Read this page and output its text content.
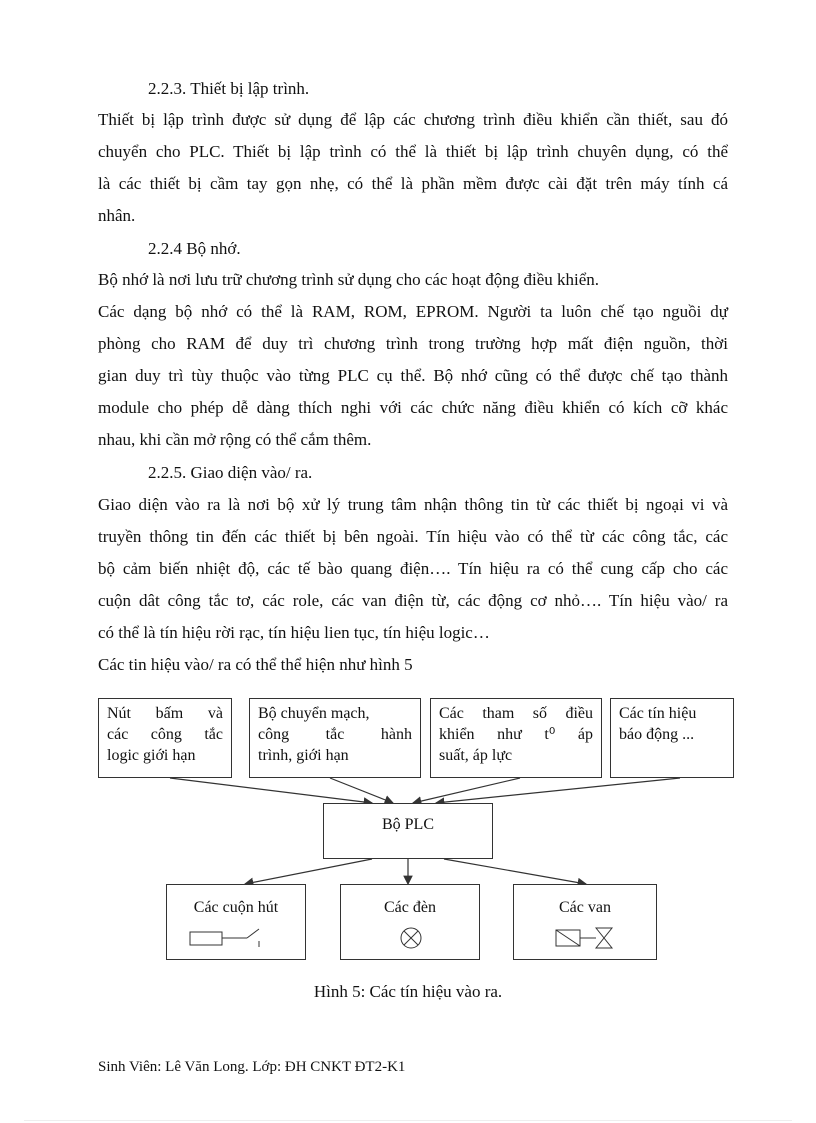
2.2.3. Thiết bị lập trình.
Thiết bị lập trình được sử dụng để lập các chương trình điều khiển cần thiết, sau đó
chuyển cho PLC. Thiết bị lập trình có thể là thiết bị lập trình chuyên dụng, có thể
là các thiết bị cầm tay gọn nhẹ, có thể là phần mềm được cài đặt trên máy tính cá
nhân.
2.2.4 Bộ nhớ.
Bộ nhớ là nơi lưu trữ chương trình sử dụng cho các hoạt động điều khiển.
Các dạng bộ nhớ có thể là RAM, ROM, EPROM. Người ta luôn chế tạo nguồi dự
phòng cho RAM để duy trì chương trình trong trường hợp mất điện nguồn, thời
gian duy trì tùy thuộc vào từng PLC cụ thể. Bộ nhớ cũng có thể được chế tạo thành
module cho phép dễ dàng thích nghi với các chức năng điều khiển có kích cỡ khác
nhau, khi cần mở rộng có thể cắm thêm.
2.2.5. Giao diện vào/ ra.
Giao diện vào ra là nơi bộ xử lý trung tâm nhận thông tin từ các thiết bị ngoại vi và
truyền thông tin đến các thiết bị bên ngoài. Tín hiệu vào có thể từ các công tắc, các
bộ cảm biến nhiệt độ, các tế bào quang điện…. Tín hiệu ra có thể cung cấp cho các
cuộn dât công tắc tơ, các role, các van điện từ, các động cơ nhỏ…. Tín hiệu vào/ ra
có thể là tín hiệu rời rạc, tín hiệu lien tục, tín hiệu logic…
Các tin hiệu vào/ ra có thể thể hiện như hình 5
Nút bấm và
các công tắc
logic giới hạn
Bộ chuyển mạch,
công tắc hành
trình, giới hạn
Các tham số điều
khiển như t⁰ áp
suất, áp lực
Các tín hiệu
báo động ...
Bộ PLC
Các cuộn hút	Các đèn	Các van
Hình 5: Các tín hiệu vào ra.
Sinh Viên: Lê Văn Long. Lớp: ĐH CNKT ĐT2-K1
